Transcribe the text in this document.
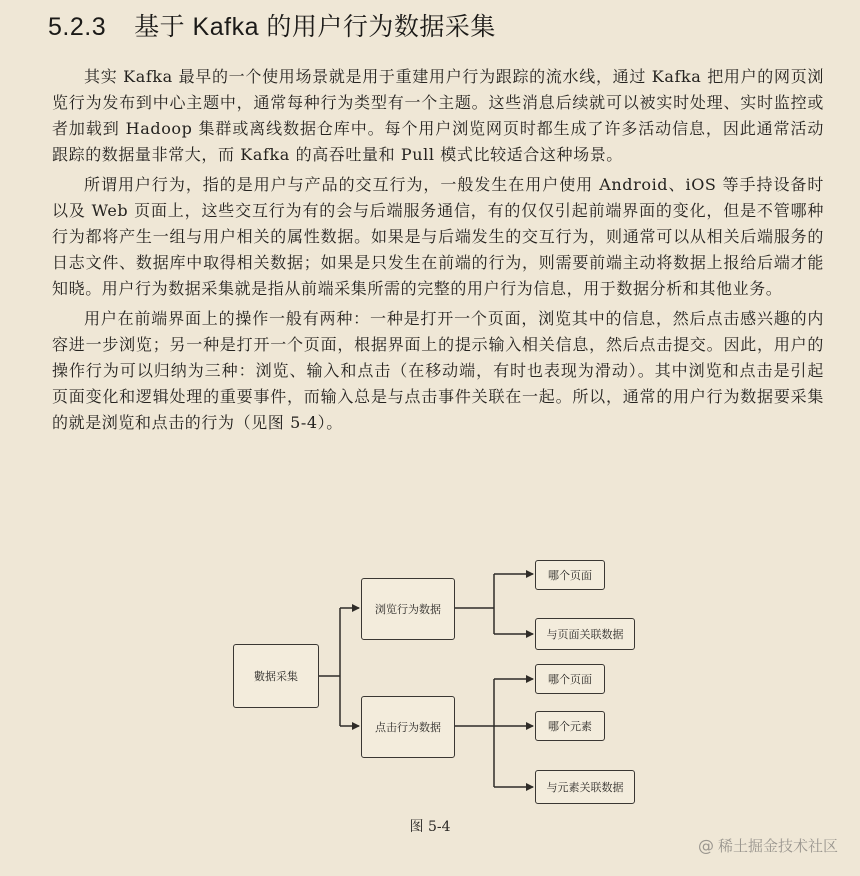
5.2.3 基于 Kafka 的用户行为数据采集

其实 Kafka 最早的一个使用场景就是用于重建用户行为跟踪的流水线，通过 Kafka 把用户的网页浏览行为发布到中心主题中，通常每种行为类型有一个主题。这些消息后续就可以被实时处理、实时监控或者加载到 Hadoop 集群或离线数据仓库中。每个用户浏览网页时都生成了许多活动信息，因此通常活动跟踪的数据量非常大，而 Kafka 的高吞吐量和 Pull 模式比较适合这种场景。

所谓用户行为，指的是用户与产品的交互行为，一般发生在用户使用 Android、iOS 等手持设备时以及 Web 页面上，这些交互行为有的会与后端服务通信，有的仅仅引起前端界面的变化，但是不管哪种行为都将产生一组与用户相关的属性数据。如果是与后端发生的交互行为，则通常可以从相关后端服务的日志文件、数据库中取得相关数据；如果是只发生在前端的行为，则需要前端主动将数据上报给后端才能知晓。用户行为数据采集就是指从前端采集所需的完整的用户行为信息，用于数据分析和其他业务。

用户在前端界面上的操作一般有两种：一种是打开一个页面，浏览其中的信息，然后点击感兴趣的内容进一步浏览；另一种是打开一个页面，根据界面上的提示输入相关信息，然后点击提交。因此，用户的操作行为可以归纳为三种：浏览、输入和点击（在移动端，有时也表现为滑动）。其中浏览和点击是引起页面变化和逻辑处理的重要事件，而输入总是与点击事件关联在一起。所以，通常的用户行为数据要采集的就是浏览和点击的行为（见图 5-4）。

數据采集
浏览行为数据
点击行为数据
哪个页面
与页面关联数据
哪个页面
哪个元素
与元素关联数据
图 5-4
@ 稀土掘金技术社区
